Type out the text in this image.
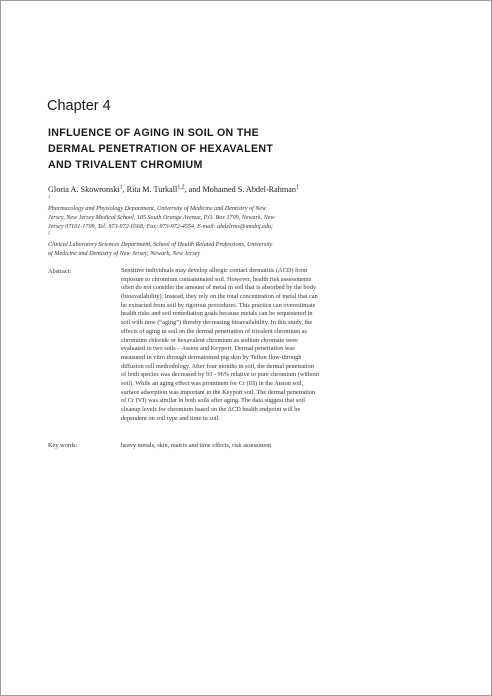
Chapter 4
INFLUENCE OF AGING IN SOIL ON THE
DERMAL PENETRATION OF HEXAVALENT
AND TRIVALENT CHROMIUM
Gloria A. Skowronski$^1$, Rita M. Turkall$^{1,2}$, and Mohamed S. Abdel-Rahman$^1$
$^1$
Pharmacology and Physiology Department, University of Medicine and Dentistry of New
Jersey, New Jersey Medical School, 185 South Orange Avenue, P.O. Box 1709, Newark, New
Jersey 07101-1709, Tel: 973-972-6568; Fax: 973-972-4554, E-mail: abdelrms@umdnj.edu;
$^2$
Clinical Laboratory Sciences Department, School of Health Related Professions, University
of Medicine and Dentistry of New Jersey, Newark, New Jersey
Abstract:	Sensitive individuals may develop allergic contact dermatitis (ACD) from
exposure to chromium contaminated soil. However, health risk assessments
often do not consider the amount of metal in soil that is absorbed by the body
(bioavailability). Instead, they rely on the total concentration of metal that can
be extracted from soil by rigorous procedures. This practice can overestimate
health risks and soil remediation goals because metals can be sequestered in
soil with time (“aging”) thereby decreasing bioavailability. In this study, the
effects of aging in soil on the dermal penetration of trivalent chromium as
chromium chloride or hexavalent chromium as sodium chromate were
evaluated in two soils – Atsion and Keyport. Dermal penetration was
measured in vitro through dermatomed pig skin by Teflon flow-through
diffusion cell methodology. After four months in soil, the dermal penetration
of both species was decreased by 93 - 96% relative to pure chromium (without
soil). While an aging effect was prominent for Cr (III) in the Atsion soil,
surface adsorption was important in the Keyport soil. The dermal penetration
of Cr (VI) was similar in both soils after aging. The data suggest that soil
cleanup levels for chromium based on the ACD health endpoint will be
dependent on soil type and time in soil.
Key words:	heavy metals, skin, matrix and time effects, risk assessment
